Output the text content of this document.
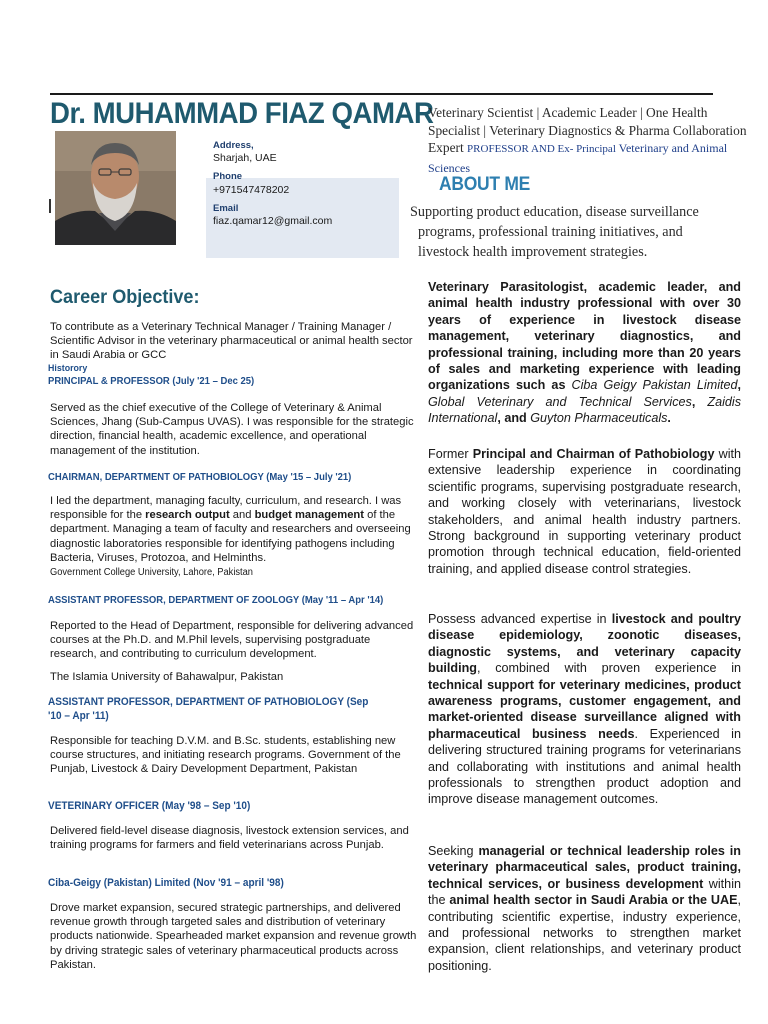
Dr. MUHAMMAD FIAZ QAMAR
Veterinary Scientist | Academic Leader | One Health
Specialist | Veterinary Diagnostics & Pharma Collaboration
Expert PROFESSOR AND Ex- Principal Veterinary and Animal Sciences
Address,
Sharjah, UAE
Phone
+971547478202
Email
fiaz.qamar12@gmail.com
ABOUT ME
Supporting product education, disease surveillance
programs, professional training initiatives, and
livestock health improvement strategies.
Career Objective:
To contribute as a Veterinary Technical Manager / Training Manager / Scientific Advisor in the veterinary pharmaceutical or animal health sector in Saudi Arabia or GCC
Historory
PRINCIPAL & PROFESSOR (July '21 – Dec 25)
Served as the chief executive of the College of Veterinary & Animal Sciences, Jhang (Sub-Campus UVAS). I was responsible for the strategic direction, financial health, academic excellence, and operational management of the institution.
CHAIRMAN, DEPARTMENT OF PATHOBIOLOGY (May '15 – July '21)
I led the department, managing faculty, curriculum, and research. I was responsible for the research output and budget management of the department. Managing a team of faculty and researchers and overseeing diagnostic laboratories responsible for identifying pathogens including Bacteria, Viruses, Protozoa, and Helminths.
Government College University, Lahore, Pakistan
ASSISTANT PROFESSOR, DEPARTMENT OF ZOOLOGY (May '11 – Apr '14)
Reported to the Head of Department, responsible for delivering advanced courses at the Ph.D. and M.Phil levels, supervising postgraduate research, and contributing to curriculum development.
The Islamia University of Bahawalpur, Pakistan
ASSISTANT PROFESSOR, DEPARTMENT OF PATHOBIOLOGY (Sep
'10 – Apr '11)
Responsible for teaching D.V.M. and B.Sc. students, establishing new course structures, and initiating research programs. Government of the Punjab, Livestock & Dairy Development Department, Pakistan
VETERINARY OFFICER (May '98 – Sep '10)
Delivered field-level disease diagnosis, livestock extension services, and training programs for farmers and field veterinarians across Punjab.
Ciba-Geigy (Pakistan) Limited (Nov '91 – april '98)
Drove market expansion, secured strategic partnerships, and delivered revenue growth through targeted sales and distribution of veterinary products nationwide. Spearheaded market expansion and revenue growth by driving strategic sales of veterinary pharmaceutical products across Pakistan.
Veterinary Parasitologist, academic leader, and animal health industry professional with over 30 years of experience in livestock disease management, veterinary diagnostics, and professional training, including more than 20 years of sales and marketing experience with leading organizations such as Ciba Geigy Pakistan Limited, Global Veterinary and Technical Services, Zaidis International, and Guyton Pharmaceuticals.
Former Principal and Chairman of Pathobiology with extensive leadership experience in coordinating scientific programs, supervising postgraduate research, and working closely with veterinarians, livestock stakeholders, and animal health industry partners. Strong background in supporting veterinary product promotion through technical education, field-oriented training, and applied disease control strategies.
Possess advanced expertise in livestock and poultry disease epidemiology, zoonotic diseases, diagnostic systems, and veterinary capacity building, combined with proven experience in technical support for veterinary medicines, product awareness programs, customer engagement, and market-oriented disease surveillance aligned with pharmaceutical business needs. Experienced in delivering structured training programs for veterinarians and collaborating with institutions and animal health professionals to strengthen product adoption and improve disease management outcomes.
Seeking managerial or technical leadership roles in veterinary pharmaceutical sales, product training, technical services, or business development within the animal health sector in Saudi Arabia or the UAE, contributing scientific expertise, industry experience, and professional networks to strengthen market expansion, client relationships, and veterinary product positioning.
